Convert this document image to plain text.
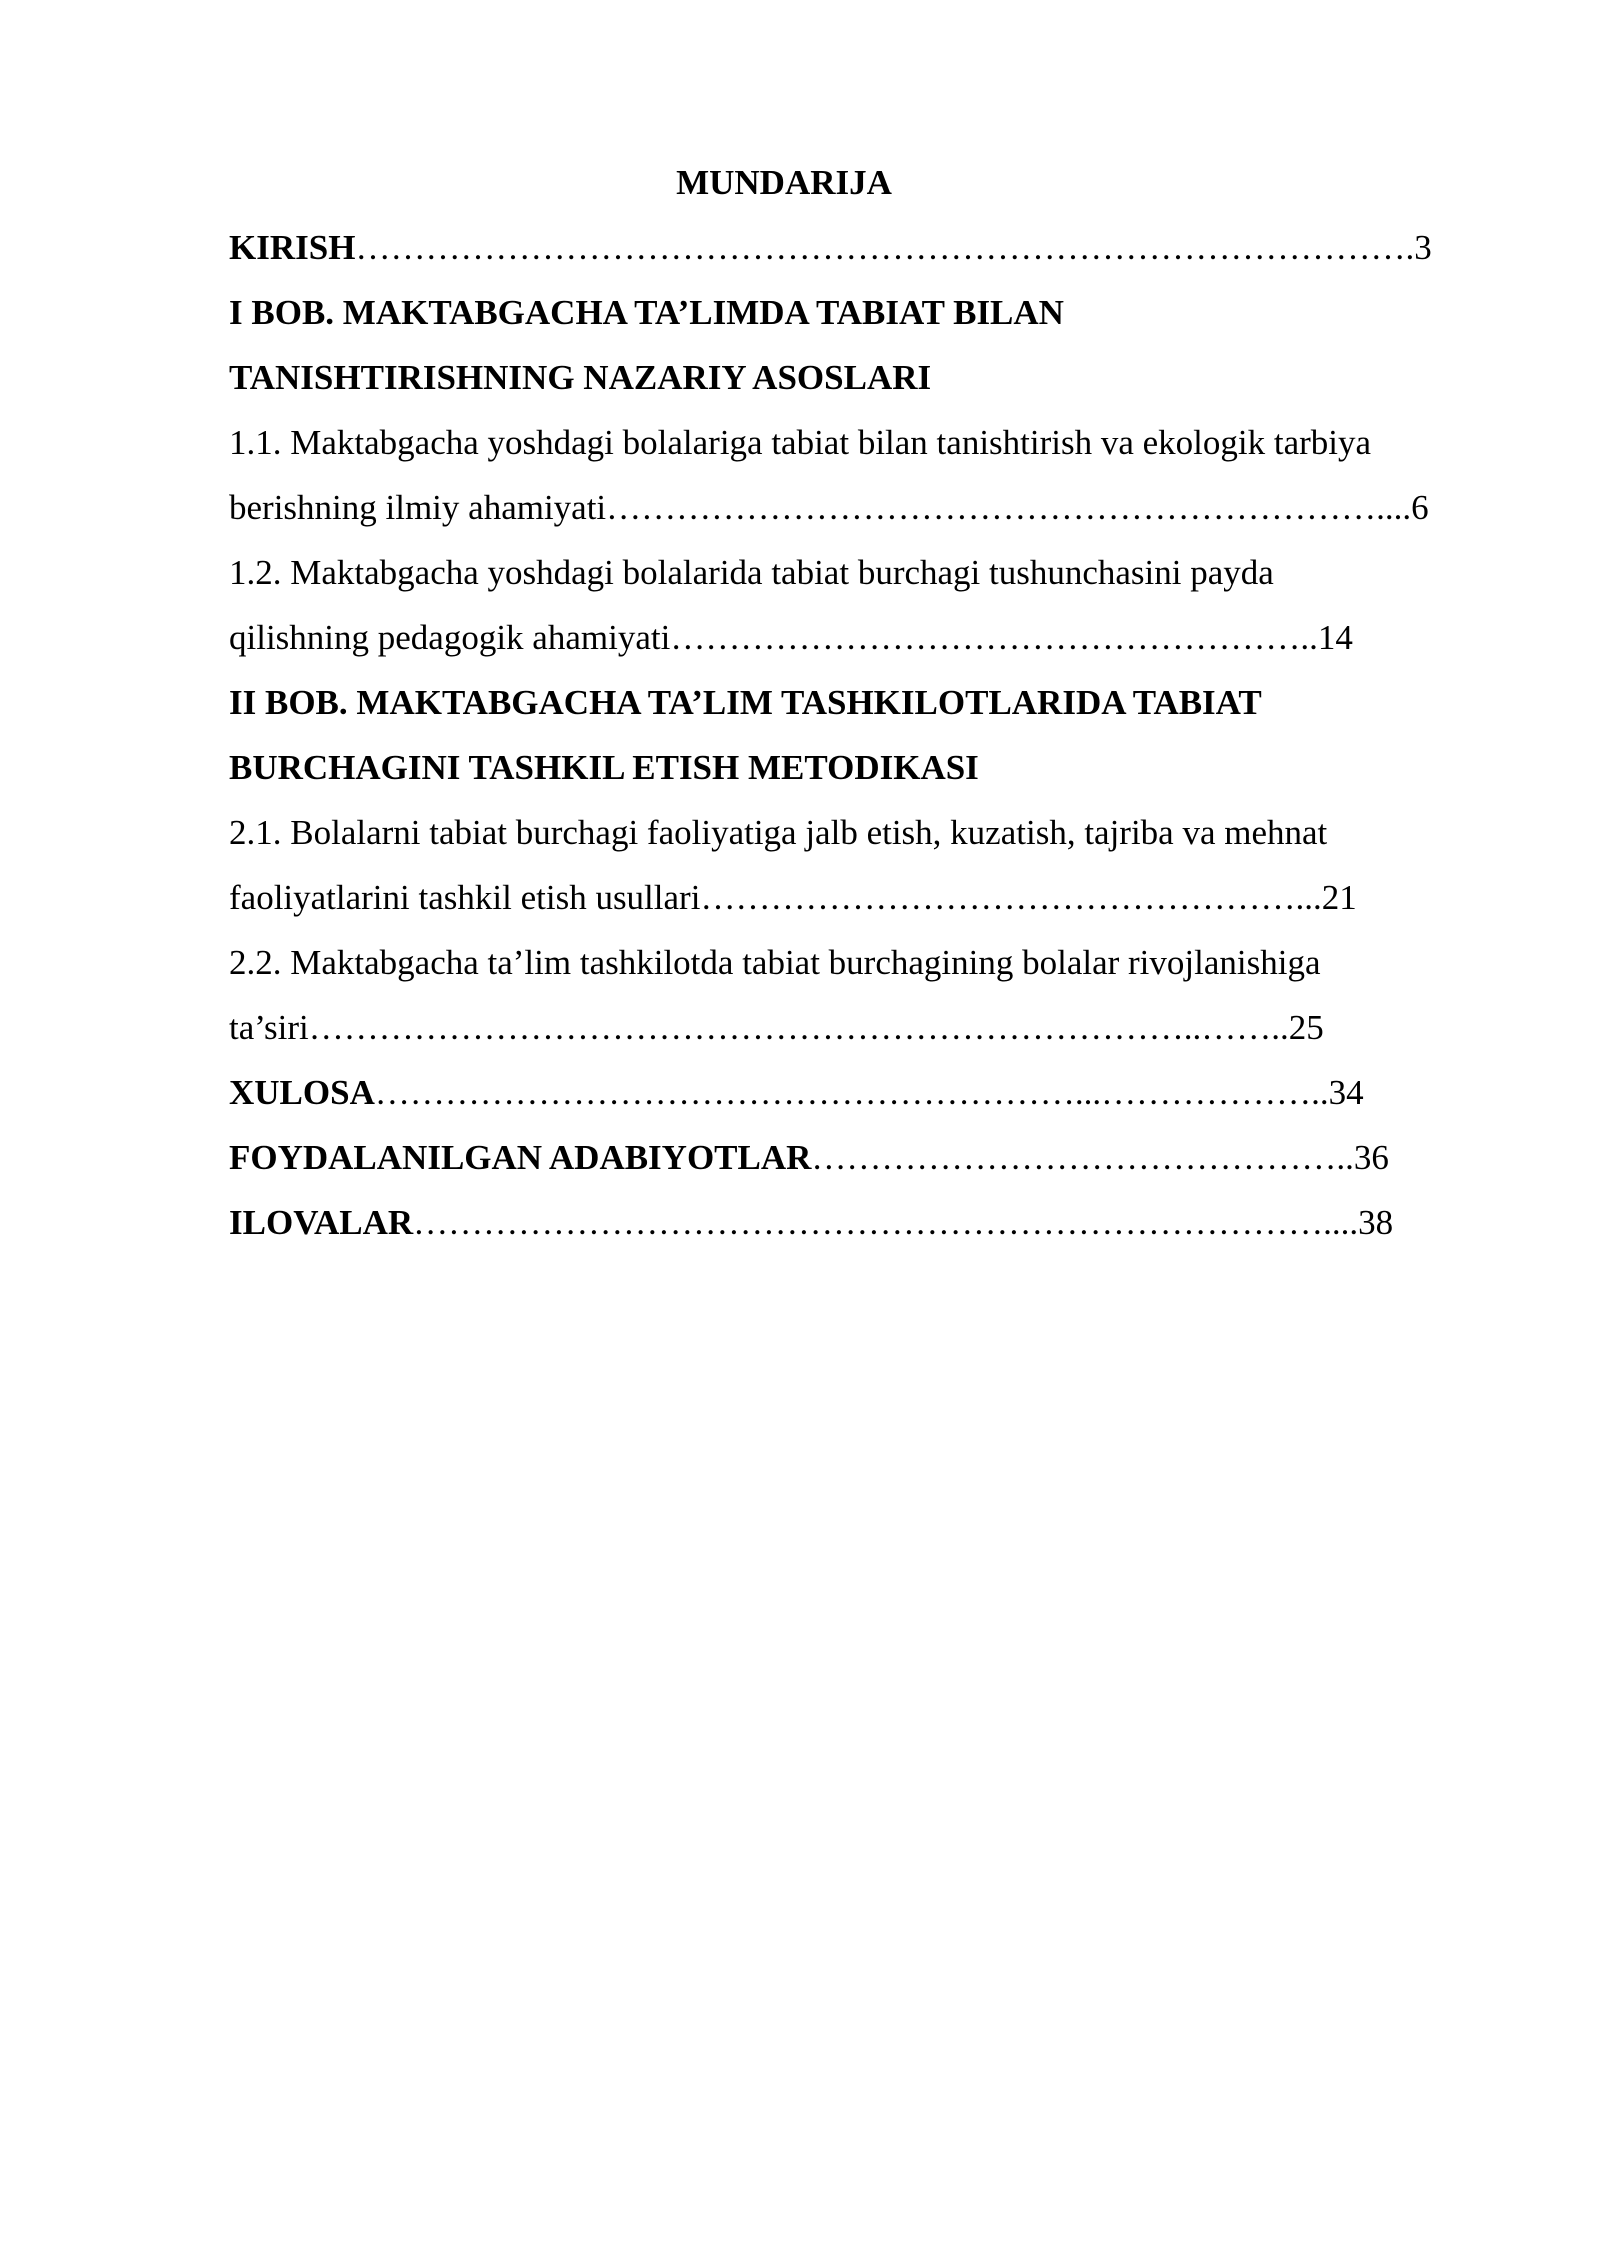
MUNDARIJA
KIRISH……………………………………………………………………………….3
I BOB. MAKTABGACHA TA’LIMDA TABIAT BILAN
TANISHTIRISHNING NAZARIY ASOSLARI
1.1. Maktabgacha yoshdagi bolalariga tabiat bilan tanishtirish va ekologik tarbiya
berishning ilmiy ahamiyati…………………………………………………………....6
1.2. Maktabgacha yoshdagi bolalarida tabiat burchagi tushunchasini payda
qilishning pedagogik ahamiyati………………………………………………..14
II BOB. MAKTABGACHA TA’LIM TASHKILOTLARIDA TABIAT
BURCHAGINI TASHKIL ETISH METODIKASI
2.1. Bolalarni tabiat burchagi faoliyatiga jalb etish, kuzatish, tajriba va mehnat
faoliyatlarini tashkil etish usullari……………………………………………...21
2.2. Maktabgacha ta’lim tashkilotda tabiat burchagining bolalar rivojlanishiga
ta’siri…………………………………………………………………..……..25
XULOSA……………………………………………………...………………..34
FOYDALANILGAN ADABIYOTLAR………………………………………..36
ILOVALAR……………………………………………………………………....38
